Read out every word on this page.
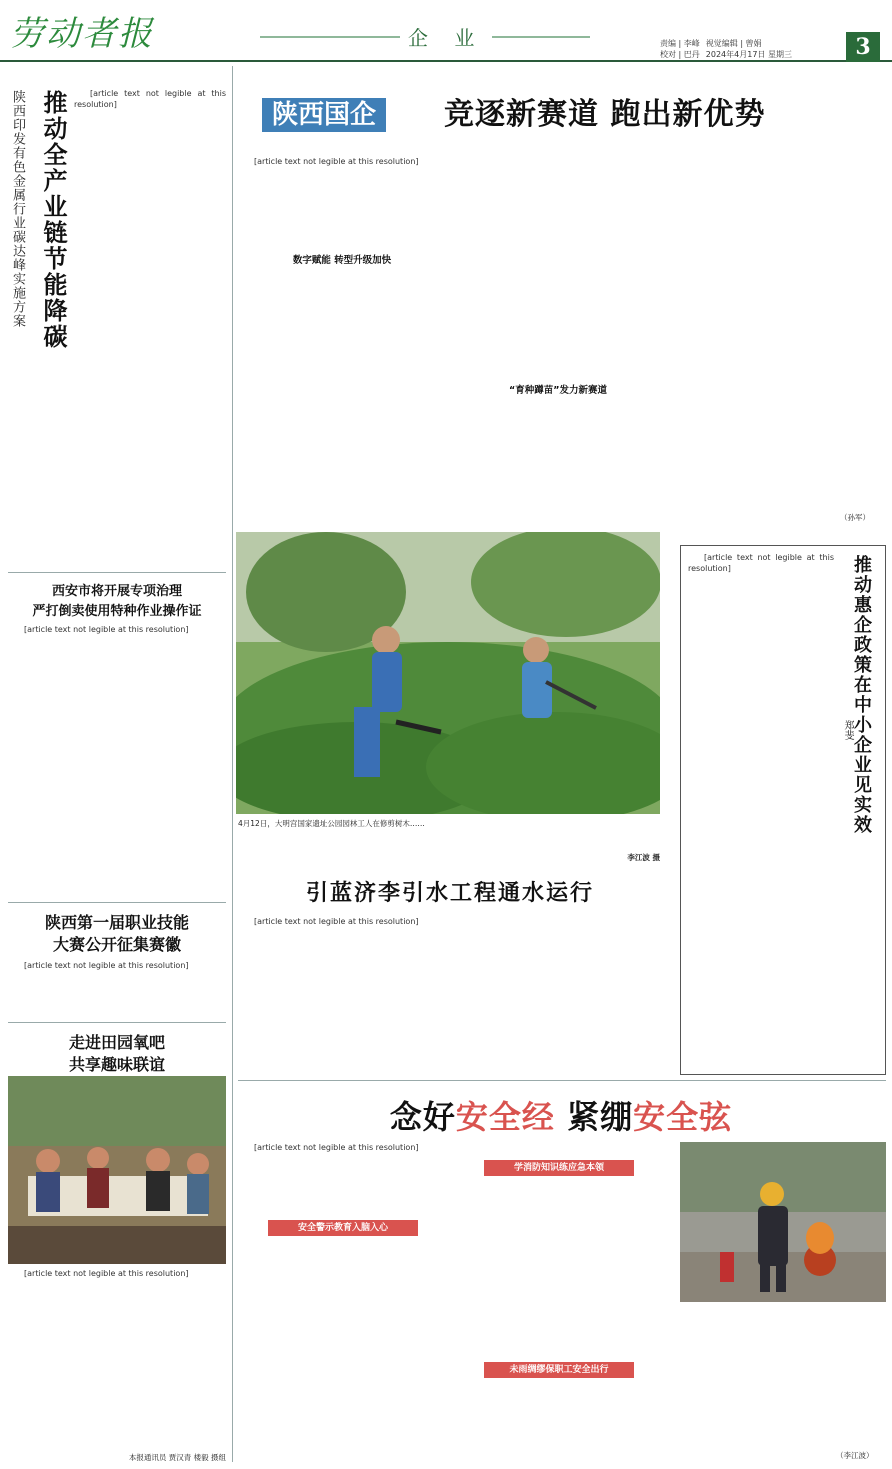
劳动者报	企 业	责编 | 李峰 视觉编辑 | 曾娟
校对 | 巴丹 2024年4月17日 星期三	3
推动全产业链节能降碳
陕西印发有色金属行业碳达峰实施方案	[article text not legible at this resolution]

西安市将开展专项治理
严打倒卖使用特种作业操作证

[article text not legible at this resolution]

陕西第一届职业技能
大赛公开征集赛徽

[article text not legible at this resolution]

走进田园氧吧
共享趣味联谊

[article text not legible at this resolution]

本报通讯员 贾汉青 楼毅 摄组
陕西国企	竞逐新赛道 跑出新优势

[article text not legible at this resolution]

数字赋能 转型升级加快
“育种蹲苗”发力新赛道
（孙军）
4月12日，大明宫国家遗址公园园林工人在修剪树木……
李江波 摄
推动惠企政策在中小企业见实效
郑斐

[article text not legible at this resolution]

引蓝济李引水工程通水运行

[article text not legible at this resolution]

念好安全经 紧绷安全弦

[article text not legible at this resolution]

安全警示教育入脑入心
学消防知识练应急本领
未雨绸缪保职工安全出行
（李江波）
